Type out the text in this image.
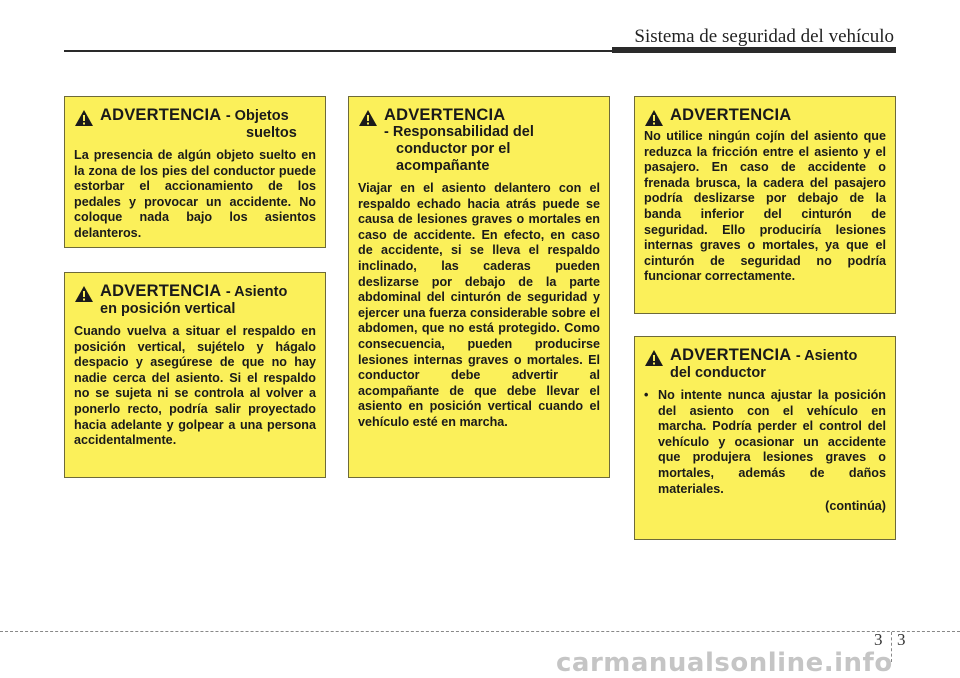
Sistema de seguridad del vehículo
ADVERTENCIA - Objetos
sueltos
La presencia de algún objeto suelto en la zona de los pies del conductor puede estorbar el accionamiento de los pedales y provocar un accidente. No coloque nada bajo los asientos delanteros.
ADVERTENCIA - Asiento
en posición vertical
Cuando vuelva a situar el respaldo en posición vertical, sujételo y hágalo despacio y asegúrese de que no hay nadie cerca del asiento. Si el respaldo no se sujeta ni se controla al volver a ponerlo recto, podría salir proyectado hacia adelante y golpear a una persona accidentalmente.
ADVERTENCIA
- Responsabilidad del
conductor por el
acompañante
Viajar en el asiento delantero con el respaldo echado hacia atrás puede se causa de lesiones graves o mortales en caso de accidente. En efecto, en caso de accidente, si se lleva el respaldo inclinado, las caderas pueden deslizarse por debajo de la parte abdominal del cinturón de seguridad y ejercer una fuerza considerable sobre el abdomen, que no está protegido. Como consecuencia, pueden producirse lesiones internas graves o mortales. El conductor debe advertir al acompañante de que debe llevar el asiento en posición vertical cuando el vehículo esté en marcha.
ADVERTENCIA
No utilice ningún cojín del asiento que reduzca la fricción entre el asiento y el pasajero. En caso de accidente o frenada brusca, la cadera del pasajero podría deslizarse por debajo de la banda inferior del cinturón de seguridad. Ello produciría lesiones internas graves o mortales, ya que el cinturón de seguridad no podría funcionar correctamente.
ADVERTENCIA - Asiento
del conductor
• No intente nunca ajustar la posición del asiento con el vehículo en marcha. Podría perder el control del vehículo y ocasionar un accidente que produjera lesiones graves o mortales, además de daños materiales.
(continúa)
3 3
carmanualsonline.info
